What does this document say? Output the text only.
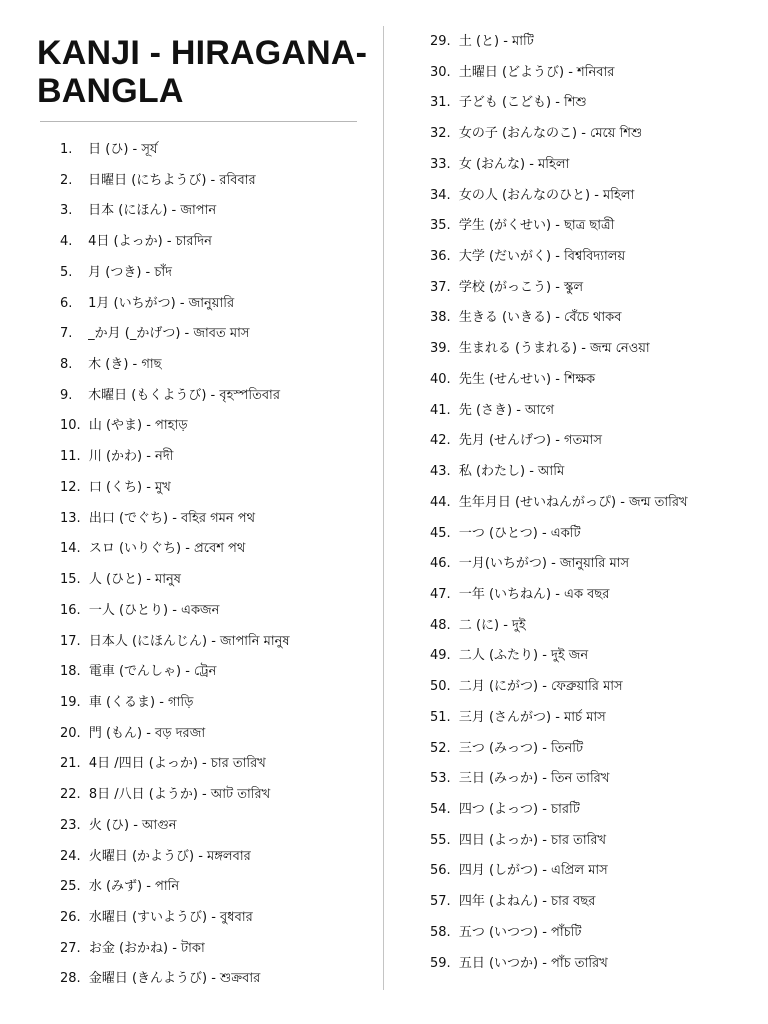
KANJI - HIRAGANA- BANGLA
1. 日 (ひ) - সূর্য
2. 日曜日 (にちようび) - রবিবার
3. 日本 (にほん) - জাপান
4. 4日 (よっか) - চারদিন
5. 月 (つき) - চাঁদ
6. 1月 (いちがつ) - জানুয়ারি
7. _か月 (_かげつ) - জাবত মাস
8. 木 (き) - গাছ
9. 木曜日 (もくようび) - বৃহস্পতিবার
10. 山 (やま) - পাহাড়
11. 川 (かわ) - নদী
12. 口 (くち) - মুখ
13. 出口 (でぐち) - বহির গমন পথ
14. スロ (いりぐち) - প্রবেশ পথ
15. 人 (ひと) - মানুষ
16. 一人 (ひとり) - একজন
17. 日本人 (にほんじん) - জাপানি মানুষ
18. 電車 (でんしゃ) - ট্রেন
19. 車 (くるま) - গাড়ি
20. 門 (もん) - বড় দরজা
21. 4日 /四日 (よっか) - চার তারিখ
22. 8日 /八日 (ようか) - আট তারিখ
23. 火 (ひ) - আগুন
24. 火曜日 (かようび) - মঙ্গলবার
25. 水 (みず) - পানি
26. 水曜日 (すいようび) - বুধবার
27. お金 (おかね) - টাকা
28. 金曜日 (きんようび) - শুক্রবার
29. 土 (と) - মাটি
30. 土曜日 (どようび) - শনিবার
31. 子ども (こども) - শিশু
32. 女の子 (おんなのこ) - মেয়ে শিশু
33. 女 (おんな) - মহিলা
34. 女の人 (おんなのひと) - মহিলা
35. 学生 (がくせい) - ছাত্র ছাত্রী
36. 大学 (だいがく) - বিশ্ববিদ্যালয়
37. 学校 (がっこう) - স্কুল
38. 生きる (いきる) - বেঁচে থাকব
39. 生まれる (うまれる) - জন্ম নেওয়া
40. 先生 (せんせい) - শিক্ষক
41. 先 (さき) - আগে
42. 先月 (せんげつ) - গতমাস
43. 私 (わたし) - আমি
44. 生年月日 (せいねんがっぴ) - জন্ম তারিখ
45. 一つ (ひとつ) - একটি
46. 一月(いちがつ) - জানুয়ারি মাস
47. 一年 (いちねん) - এক বছর
48. 二 (に) - দুই
49. 二人 (ふたり) - দুই জন
50. 二月 (にがつ) - ফেব্রুয়ারি মাস
51. 三月 (さんがつ) - মার্চ মাস
52. 三つ (みっつ) - তিনটি
53. 三日 (みっか) - তিন তারিখ
54. 四つ (よっつ) - চারটি
55. 四日 (よっか) - চার তারিখ
56. 四月 (しがつ) - এপ্রিল মাস
57. 四年 (よねん) - চার বছর
58. 五つ (いつつ) - পাঁচটি
59. 五日 (いつか) - পাঁচ তারিখ
